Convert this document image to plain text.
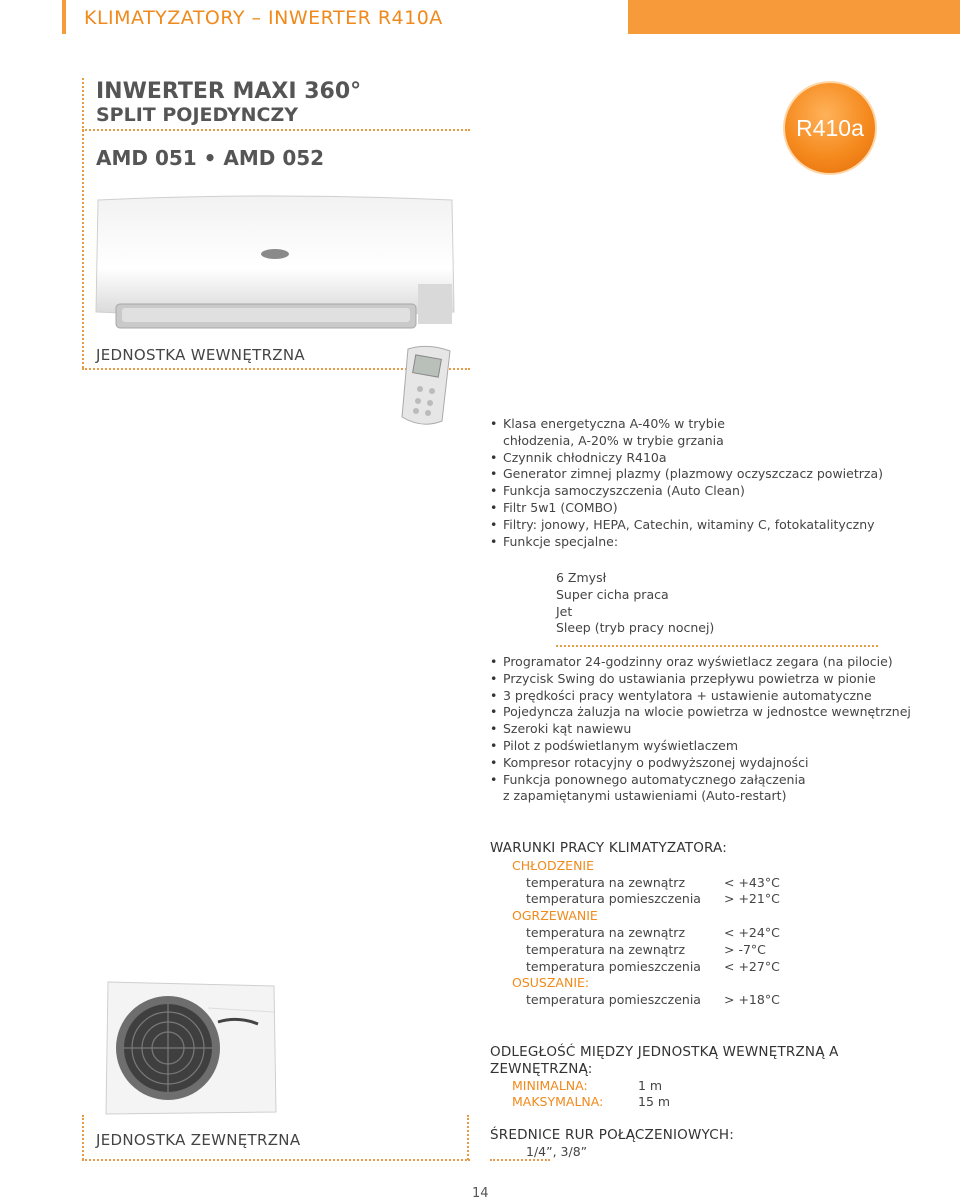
KLIMATYZATORY – INWERTER R410A
INWERTER MAXI 360°
SPLIT POJEDYNCZY
AMD 051 • AMD 052
R410a
JEDNOSTKA WEWNĘTRZNA
• Klasa energetyczna A-40% w trybie
chłodzenia, A-20% w trybie grzania
• Czynnik chłodniczy R410a
• Generator zimnej plazmy (plazmowy oczyszczacz powietrza)
• Funkcja samoczyszczenia (Auto Clean)
• Filtr 5w1 (COMBO)
• Filtry: jonowy, HEPA, Catechin, witaminy C, fotokatalityczny
• Funkcje specjalne:
6 Zmysł
Super cicha praca
Jet
Sleep (tryb pracy nocnej)
• Programator 24-godzinny oraz wyświetlacz zegara (na pilocie)
• Przycisk Swing do ustawiania przepływu powietrza w pionie
• 3 prędkości pracy wentylatora + ustawienie automatyczne
• Pojedyncza żaluzja na wlocie powietrza w jednostce wewnętrznej
• Szeroki kąt nawiewu
• Pilot z podświetlanym wyświetlaczem
• Kompresor rotacyjny o podwyższonej wydajności
• Funkcja ponownego automatycznego załączenia
z zapamiętanymi ustawieniami (Auto-restart)
JEDNOSTKA ZEWNĘTRZNA
WARUNKI PRACY KLIMATYZATORA:
CHŁODZENIE
temperatura na zewnątrz	< +43°C
temperatura pomieszczenia	> +21°C
OGRZEWANIE
temperatura na zewnątrz	< +24°C
temperatura na zewnątrz	> -7°C
temperatura pomieszczenia	< +27°C
OSUSZANIE:
temperatura pomieszczenia	> +18°C
ODLEGŁOŚĆ MIĘDZY JEDNOSTKĄ WEWNĘTRZNĄ A ZEWNĘTRZNĄ:
MINIMALNA:	1 m
MAKSYMALNA:	15 m
ŚREDNICE RUR POŁĄCZENIOWYCH:
1/4”, 3/8”
14
